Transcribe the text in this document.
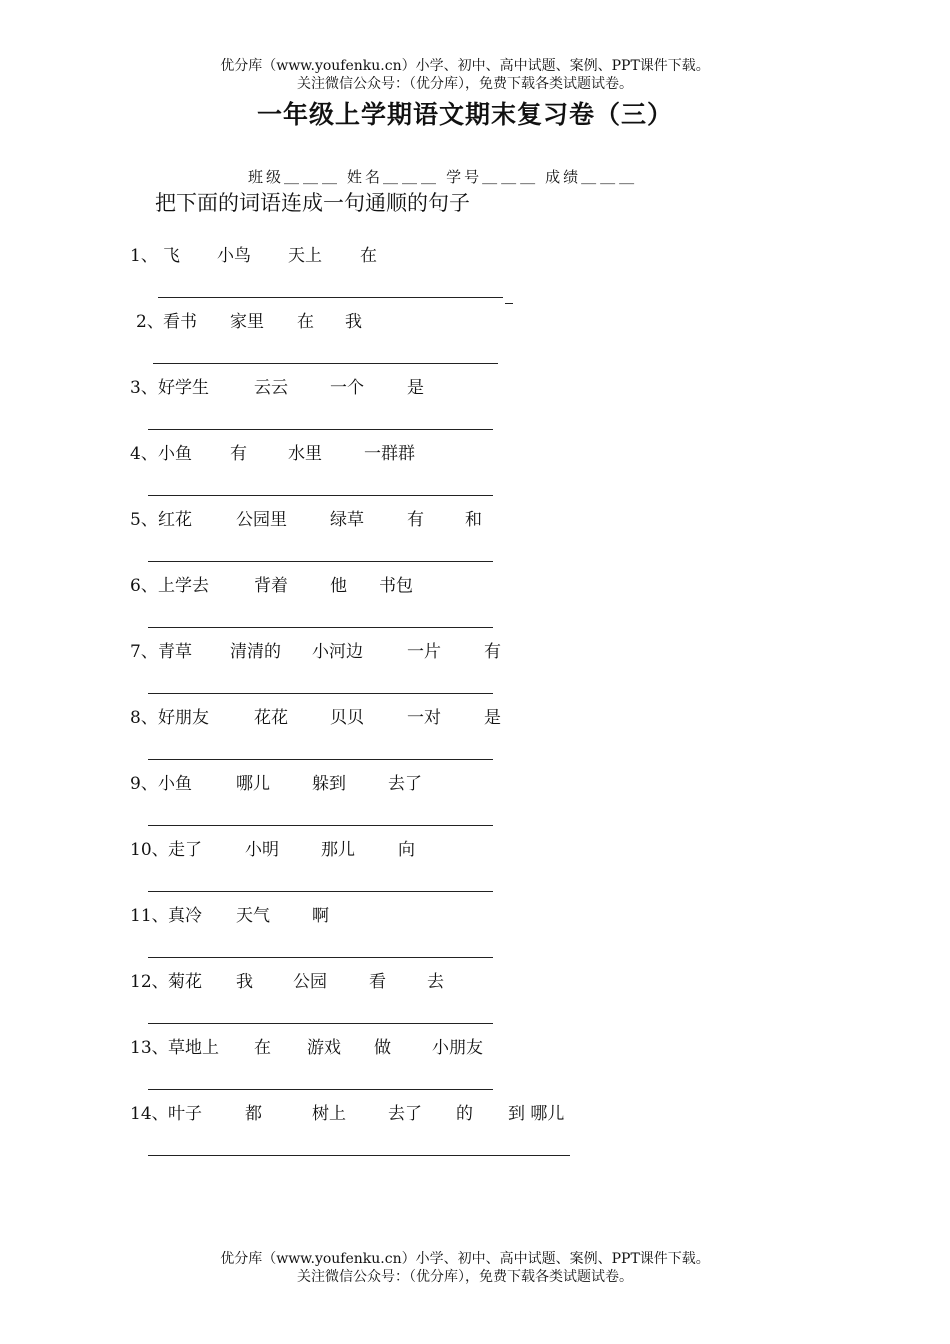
优分库（www.youfenku.cn）小学、初中、高中试题、案例、PPT课件下载。
关注微信公众号：（优分库），免费下载各类试题试卷。
一年级上学期语文期末复习卷（三）
班级＿＿＿ 姓名＿＿＿ 学号＿＿＿ 成绩＿＿＿
把下面的词语连成一句通顺的句子
1、 飞 小鸟 天上 在
2、 看书 家里 在 我
3、 好学生	云云 一个	是
4、 小鱼 有 水里 一群群
5、 红花	公园里	绿草	有 和
6、 上学去	背着 他 书包
7、 青草 清清的 小河边	一片	有
8、 好朋友	花花 贝贝	一对	是
9、 小鱼	哪儿 躲到 去了
10、 走了	小明 那儿	向
11、 真冷 天气 啊
12、 菊花 我 公园 看 去
13、 草地上 在 游戏 做 小朋友
14、 叶子	都	树上 去了 的 到 哪儿
优分库（www.youfenku.cn）小学、初中、高中试题、案例、PPT课件下载。
关注微信公众号：（优分库），免费下载各类试题试卷。
